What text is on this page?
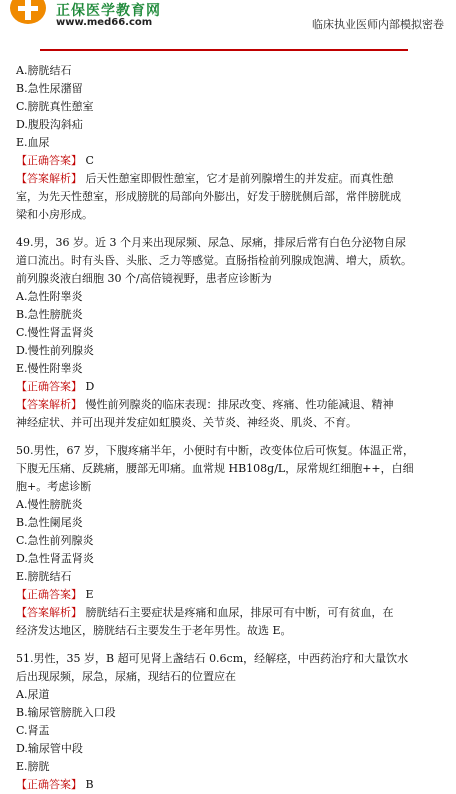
正保医学教育网
www.med66.com	临床执业医师内部模拟密卷
A.膀胱结石
B.急性尿潴留
C.膀胱真性憩室
D.腹股沟斜疝
E.血尿
【正确答案】 C
【答案解析】 后天性憩室即假性憩室，它才是前列腺增生的并发症。而真性憩
室，为先天性憩室，形成膀胱的局部向外膨出，好发于膀胱侧后部，常伴膀胱成
梁和小房形成。
49.男，36 岁。近 3 个月来出现尿频、尿急、尿痛，排尿后常有白色分泌物自尿
道口流出。时有头昏、头胀、乏力等感觉。直肠指检前列腺成饱满、增大，质软。
前列腺炎液白细胞 30 个/高倍镜视野，患者应诊断为
A.急性附睾炎
B.急性膀胱炎
C.慢性肾盂肾炎
D.慢性前列腺炎
E.慢性附睾炎
【正确答案】 D
【答案解析】 慢性前列腺炎的临床表现：排尿改变、疼痛、性功能减退、精神
神经症状、并可出现并发症如虹膜炎、关节炎、神经炎、肌炎、不育。
50.男性，67 岁，下腹疼痛半年，小便时有中断，改变体位后可恢复。体温正常，
下腹无压痛、反跳痛，腰部无叩痛。血常规 HB108g/L，尿常规红细胞++，白细
胞+。考虑诊断
A.慢性膀胱炎
B.急性阑尾炎
C.急性前列腺炎
D.急性肾盂肾炎
E.膀胱结石
【正确答案】 E
【答案解析】 膀胱结石主要症状是疼痛和血尿，排尿可有中断，可有贫血，在
经济发达地区，膀胱结石主要发生于老年男性。故选 E。
51.男性，35 岁，B 超可见肾上盏结石 0.6cm，经解痉，中西药治疗和大量饮水
后出现尿频，尿急，尿痛，现结石的位置应在
A.尿道
B.输尿管膀胱入口段
C.肾盂
D.输尿管中段
E.膀胱
【正确答案】 B
